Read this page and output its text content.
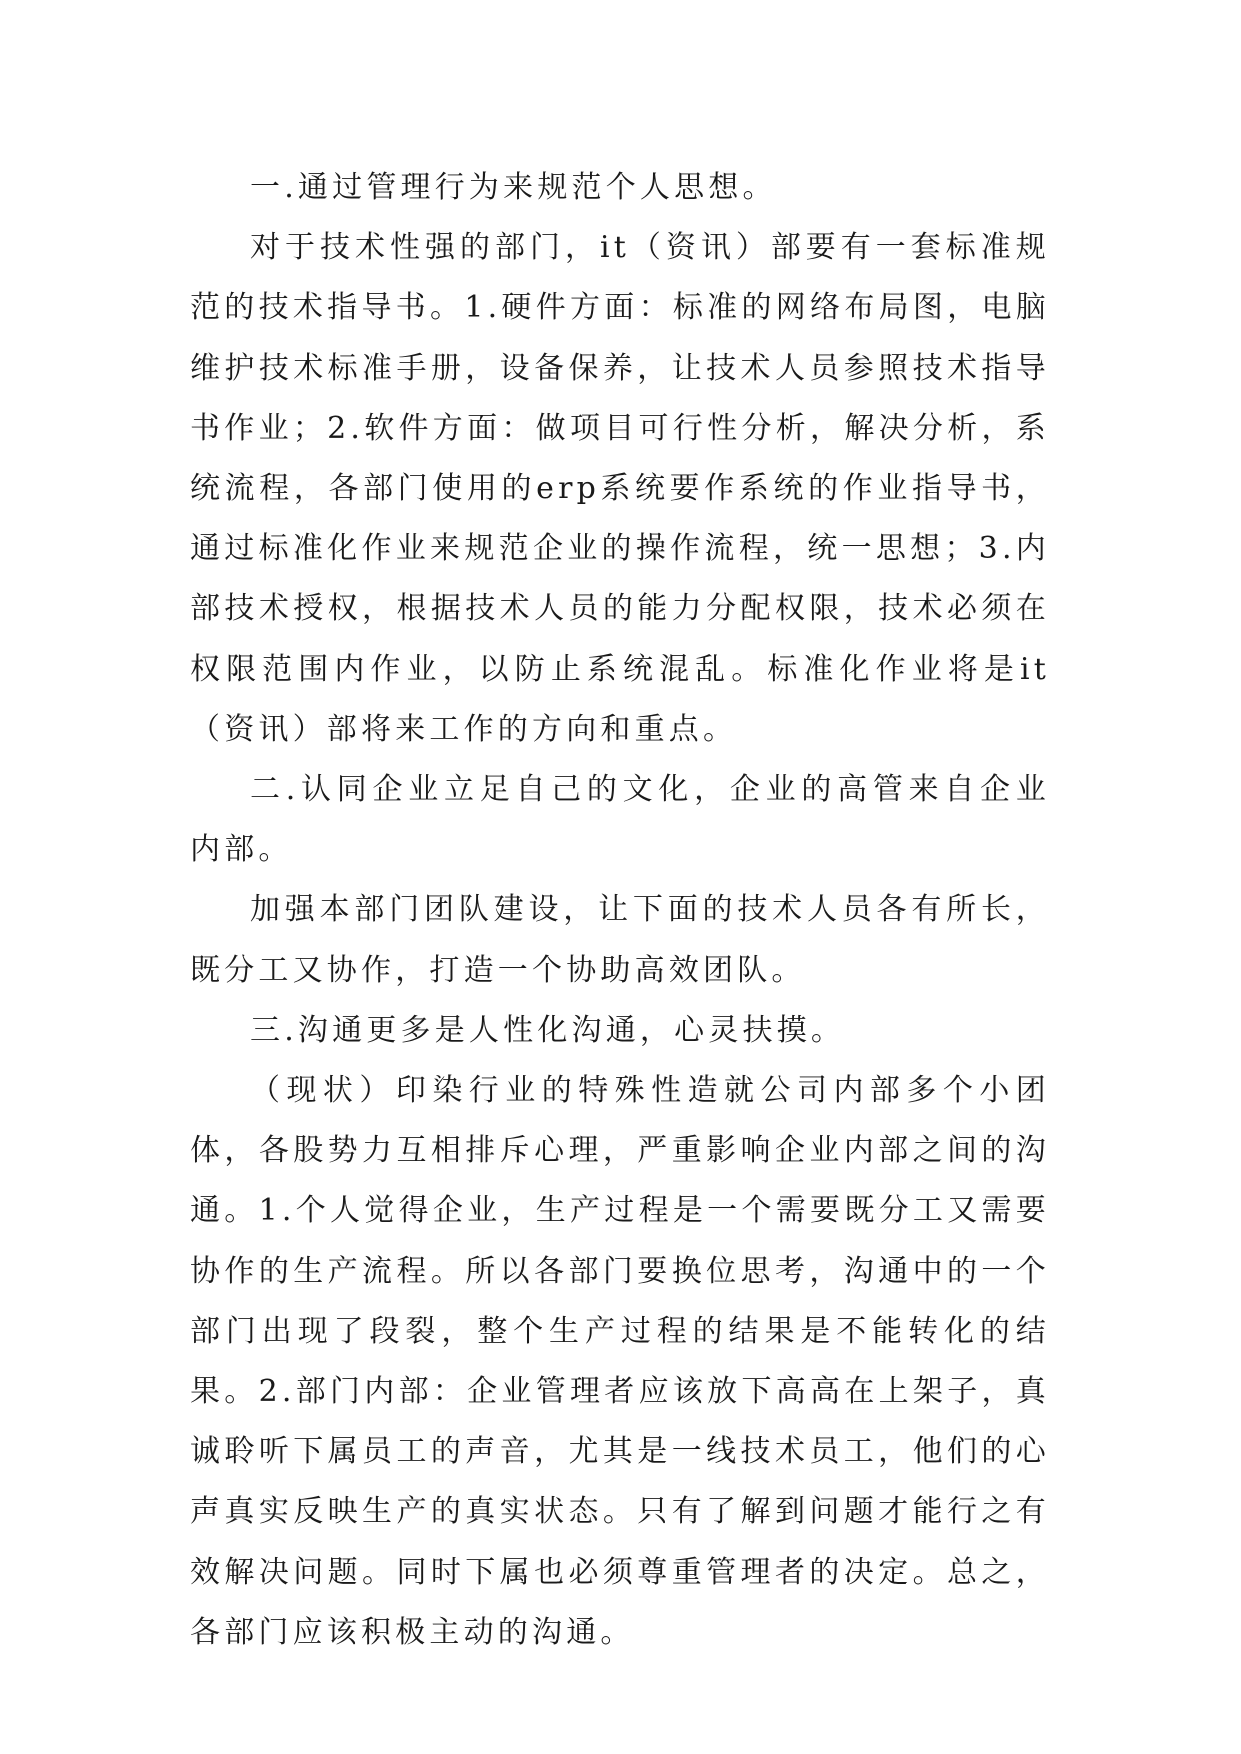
一.通过管理行为来规范个人思想。

对于技术性强的部门，it（资讯）部要有一套标准规范的技术指导书。1.硬件方面：标准的网络布局图，电脑维护技术标准手册，设备保养，让技术人员参照技术指导书作业；2.软件方面：做项目可行性分析，解决分析，系统流程，各部门使用的erp系统要作系统的作业指导书，通过标准化作业来规范企业的操作流程，统一思想；3.内部技术授权，根据技术人员的能力分配权限，技术必须在权限范围内作业，以防止系统混乱。标准化作业将是it（资讯）部将来工作的方向和重点。

二.认同企业立足自己的文化，企业的高管来自企业内部。

加强本部门团队建设，让下面的技术人员各有所长，既分工又协作，打造一个协助高效团队。

三.沟通更多是人性化沟通，心灵扶摸。

（现状）印染行业的特殊性造就公司内部多个小团体，各股势力互相排斥心理，严重影响企业内部之间的沟通。1.个人觉得企业，生产过程是一个需要既分工又需要协作的生产流程。所以各部门要换位思考，沟通中的一个部门出现了段裂，整个生产过程的结果是不能转化的结果。2.部门内部：企业管理者应该放下高高在上架子，真诚聆听下属员工的声音，尤其是一线技术员工，他们的心声真实反映生产的真实状态。只有了解到问题才能行之有效解决问题。同时下属也必须尊重管理者的决定。总之，各部门应该积极主动的沟通。
